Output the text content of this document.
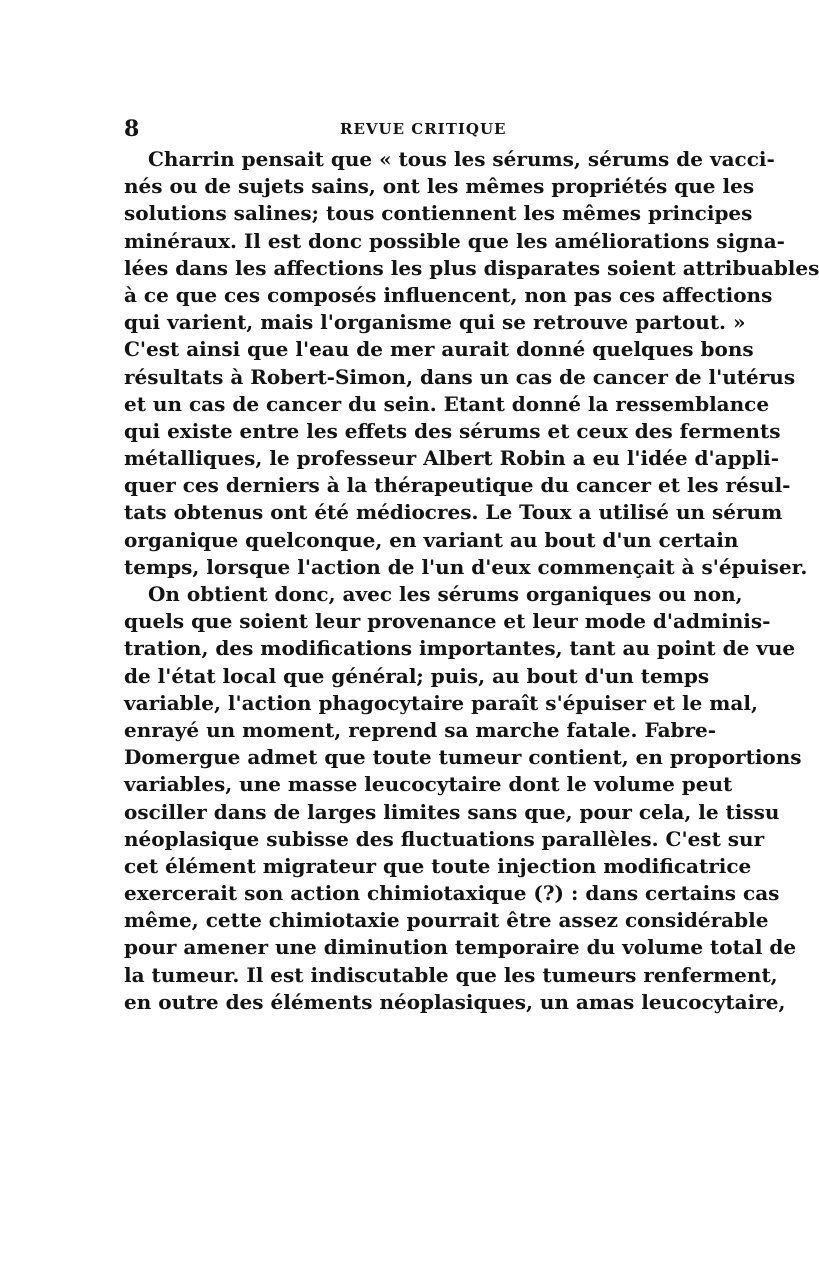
8	REVUE CRITIQUE
Charrin pensait que « tous les sérums, sérums de vacci-
nés ou de sujets sains, ont les mêmes propriétés que les
solutions salines; tous contiennent les mêmes principes
minéraux. Il est donc possible que les améliorations signa-
lées dans les affections les plus disparates soient attribuables
à ce que ces composés influencent, non pas ces affections
qui varient, mais l'organisme qui se retrouve partout. »
C'est ainsi que l'eau de mer aurait donné quelques bons
résultats à Robert-Simon, dans un cas de cancer de l'utérus
et un cas de cancer du sein. Etant donné la ressemblance
qui existe entre les effets des sérums et ceux des ferments
métalliques, le professeur Albert Robin a eu l'idée d'appli-
quer ces derniers à la thérapeutique du cancer et les résul-
tats obtenus ont été médiocres. Le Toux a utilisé un sérum
organique quelconque, en variant au bout d'un certain
temps, lorsque l'action de l'un d'eux commençait à s'épuiser.
On obtient donc, avec les sérums organiques ou non,
quels que soient leur provenance et leur mode d'adminis-
tration, des modifications importantes, tant au point de vue
de l'état local que général; puis, au bout d'un temps
variable, l'action phagocytaire paraît s'épuiser et le mal,
enrayé un moment, reprend sa marche fatale. Fabre-
Domergue admet que toute tumeur contient, en proportions
variables, une masse leucocytaire dont le volume peut
osciller dans de larges limites sans que, pour cela, le tissu
néoplasique subisse des fluctuations parallèles. C'est sur
cet élément migrateur que toute injection modificatrice
exercerait son action chimiotaxique (?) : dans certains cas
même, cette chimiotaxie pourrait être assez considérable
pour amener une diminution temporaire du volume total de
la tumeur. Il est indiscutable que les tumeurs renferment,
en outre des éléments néoplasiques, un amas leucocytaire,
